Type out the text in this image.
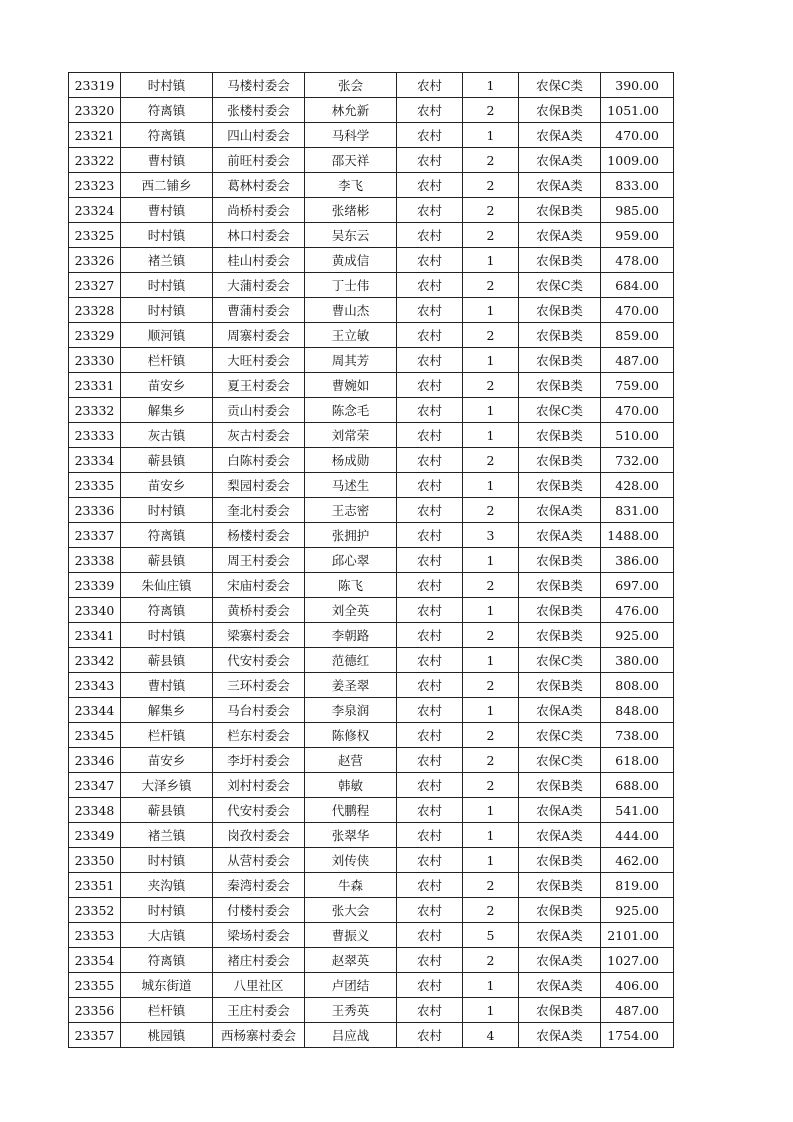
23319	时村镇	马楼村委会	张会	农村	1	农保C类	390.00
23320	符离镇	张楼村委会	林允新	农村	2	农保B类	1051.00
23321	符离镇	四山村委会	马科学	农村	1	农保A类	470.00
23322	曹村镇	前旺村委会	邵天祥	农村	2	农保A类	1009.00
23323	西二铺乡	葛林村委会	李飞	农村	2	农保A类	833.00
23324	曹村镇	尚桥村委会	张绪彬	农村	2	农保B类	985.00
23325	时村镇	林口村委会	吴东云	农村	2	农保A类	959.00
23326	褚兰镇	桂山村委会	黄成信	农村	1	农保B类	478.00
23327	时村镇	大蒲村委会	丁士伟	农村	2	农保C类	684.00
23328	时村镇	曹蒲村委会	曹山杰	农村	1	农保B类	470.00
23329	顺河镇	周寨村委会	王立敏	农村	2	农保B类	859.00
23330	栏杆镇	大旺村委会	周其芳	农村	1	农保B类	487.00
23331	苗安乡	夏王村委会	曹婉如	农村	2	农保B类	759.00
23332	解集乡	贡山村委会	陈念毛	农村	1	农保C类	470.00
23333	灰古镇	灰古村委会	刘常荣	农村	1	农保B类	510.00
23334	蕲县镇	白陈村委会	杨成勋	农村	2	农保B类	732.00
23335	苗安乡	梨园村委会	马述生	农村	1	农保B类	428.00
23336	时村镇	奎北村委会	王志密	农村	2	农保A类	831.00
23337	符离镇	杨楼村委会	张拥护	农村	3	农保A类	1488.00
23338	蕲县镇	周王村委会	邱心翠	农村	1	农保B类	386.00
23339	朱仙庄镇	宋庙村委会	陈飞	农村	2	农保B类	697.00
23340	符离镇	黄桥村委会	刘全英	农村	1	农保B类	476.00
23341	时村镇	梁寨村委会	李朝路	农村	2	农保B类	925.00
23342	蕲县镇	代安村委会	范德红	农村	1	农保C类	380.00
23343	曹村镇	三环村委会	姜圣翠	农村	2	农保B类	808.00
23344	解集乡	马台村委会	李泉润	农村	1	农保A类	848.00
23345	栏杆镇	栏东村委会	陈修权	农村	2	农保C类	738.00
23346	苗安乡	李圩村委会	赵营	农村	2	农保C类	618.00
23347	大泽乡镇	刘村村委会	韩敏	农村	2	农保B类	688.00
23348	蕲县镇	代安村委会	代鹏程	农村	1	农保A类	541.00
23349	褚兰镇	岗孜村委会	张翠华	农村	1	农保A类	444.00
23350	时村镇	从营村委会	刘传侠	农村	1	农保B类	462.00
23351	夹沟镇	秦湾村委会	牛森	农村	2	农保B类	819.00
23352	时村镇	付楼村委会	张大会	农村	2	农保B类	925.00
23353	大店镇	梁场村委会	曹振义	农村	5	农保A类	2101.00
23354	符离镇	褚庄村委会	赵翠英	农村	2	农保A类	1027.00
23355	城东街道	八里社区	卢团结	农村	1	农保A类	406.00
23356	栏杆镇	王庄村委会	王秀英	农村	1	农保B类	487.00
23357	桃园镇	西杨寨村委会	吕应战	农村	4	农保A类	1754.00
